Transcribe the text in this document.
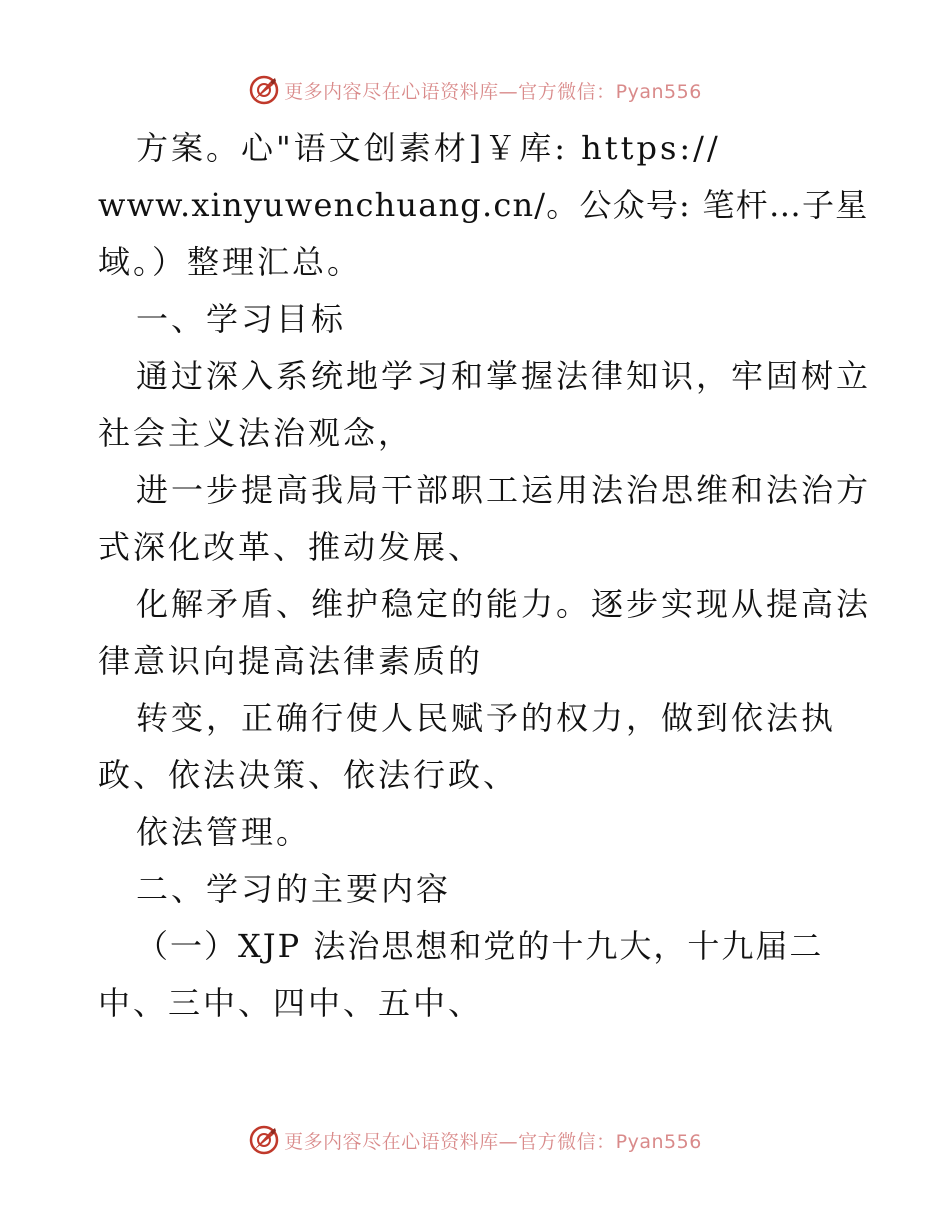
更多内容尽在心语资料库—官方微信：Pyan556
方案。心"语文创素材]￥库: https://
www.xinyuwenchuang.cn/。公众号: 笔杆…子星
域。）整理汇总。
一、学习目标
通过深入系统地学习和掌握法律知识，牢固树立
社会主义法治观念，
进一步提高我局干部职工运用法治思维和法治方
式深化改革、推动发展、
化解矛盾、维护稳定的能力。逐步实现从提高法
律意识向提高法律素质的
转变，正确行使人民赋予的权力，做到依法执
政、依法决策、依法行政、
依法管理。
二、学习的主要内容
（一）XJP 法治思想和党的十九大，十九届二
中、三中、四中、五中、
更多内容尽在心语资料库—官方微信：Pyan556
